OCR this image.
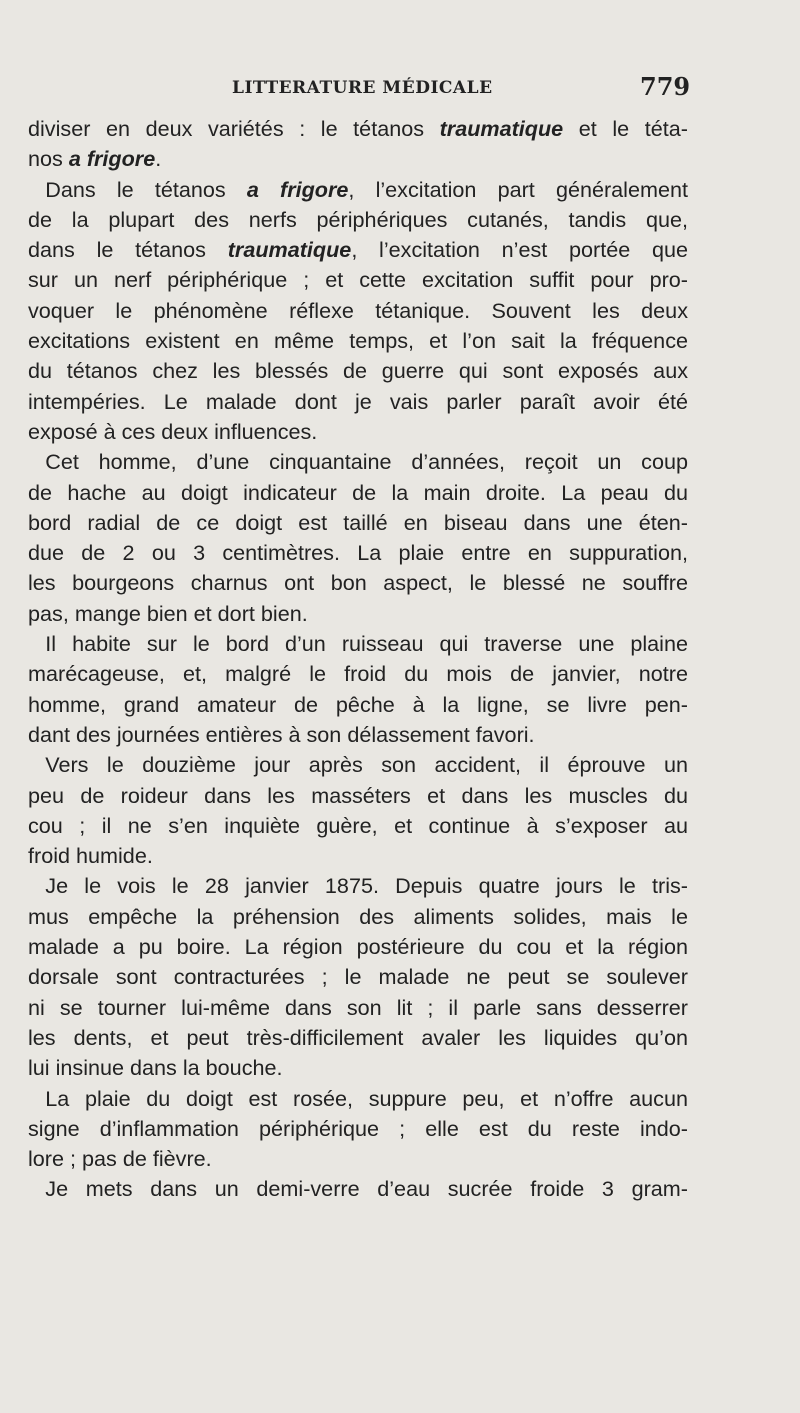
LITTERATURE MÉDICALE	779
diviser en deux variétés : le tétanos traumatique et le téta-
nos a frigore.
Dans le tétanos a frigore, l’excitation part généralement
de la plupart des nerfs périphériques cutanés, tandis que,
dans le tétanos traumatique, l’excitation n’est portée que
sur un nerf périphérique ; et cette excitation suffit pour pro-
voquer le phénomène réflexe tétanique. Souvent les deux
excitations existent en même temps, et l’on sait la fréquence
du tétanos chez les blessés de guerre qui sont exposés aux
intempéries. Le malade dont je vais parler paraît avoir été
exposé à ces deux influences.
Cet homme, d’une cinquantaine d’années, reçoit un coup
de hache au doigt indicateur de la main droite. La peau du
bord radial de ce doigt est taillé en biseau dans une éten-
due de 2 ou 3 centimètres. La plaie entre en suppuration,
les bourgeons charnus ont bon aspect, le blessé ne souffre
pas, mange bien et dort bien.
Il habite sur le bord d’un ruisseau qui traverse une plaine
marécageuse, et, malgré le froid du mois de janvier, notre
homme, grand amateur de pêche à la ligne, se livre pen-
dant des journées entières à son délassement favori.
Vers le douzième jour après son accident, il éprouve un
peu de roideur dans les masséters et dans les muscles du
cou ; il ne s’en inquiète guère, et continue à s’exposer au
froid humide.
Je le vois le 28 janvier 1875. Depuis quatre jours le tris-
mus empêche la préhension des aliments solides, mais le
malade a pu boire. La région postérieure du cou et la région
dorsale sont contracturées ; le malade ne peut se soulever
ni se tourner lui-même dans son lit ; il parle sans desserrer
les dents, et peut très-difficilement avaler les liquides qu’on
lui insinue dans la bouche.
La plaie du doigt est rosée, suppure peu, et n’offre aucun
signe d’inflammation périphérique ; elle est du reste indo-
lore ; pas de fièvre.
Je mets dans un demi-verre d’eau sucrée froide 3 gram-
